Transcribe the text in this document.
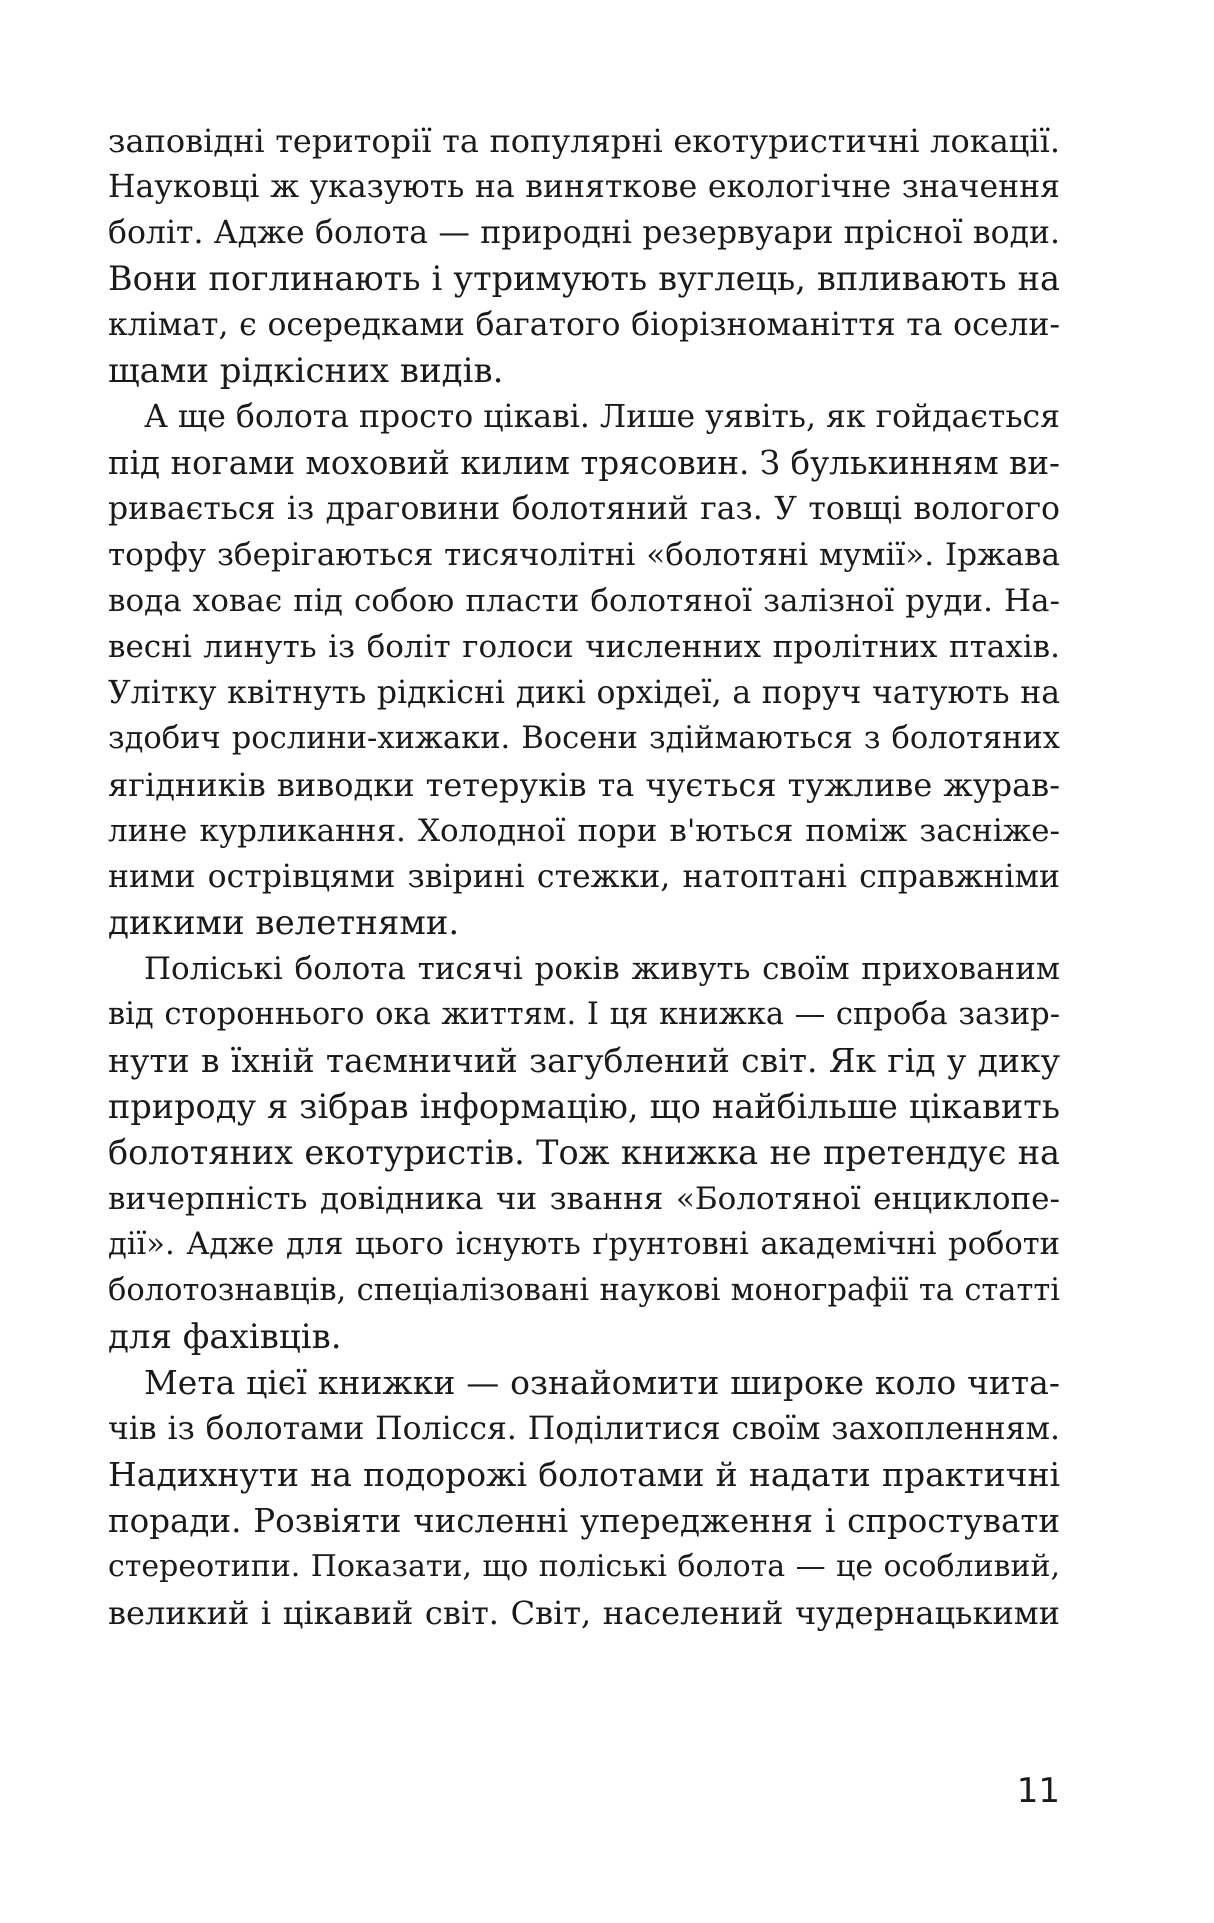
заповідні території та популярні екотуристичні локації.
Науковці ж указують на виняткове екологічне значення
боліт. Адже болота — природні резервуари прісної води.
Вони поглинають і утримують вуглець, впливають на
клімат, є осередками багатого біорізноманіття та осели-
щами рідкісних видів.
А ще болота просто цікаві. Лише уявіть, як гойдається
під ногами моховий килим трясовин. З булькинням ви-
ривається із драговини болотяний газ. У товщі вологого
торфу зберігаються тисячолітні «болотяні мумії». Іржава
вода ховає під собою пласти болотяної залізної руди. На-
весні линуть із боліт голоси численних пролітних птахів.
Улітку квітнуть рідкісні дикі орхідеї, а поруч чатують на
здобич рослини-хижаки. Восени здіймаються з болотяних
ягідників виводки тетеруків та чується тужливе журав-
лине курликання. Холодної пори в'ються поміж засніже-
ними острівцями звірині стежки, натоптані справжніми
дикими велетнями.
Поліські болота тисячі років живуть своїм прихованим
від стороннього ока життям. І ця книжка — спроба зазир-
нути в їхній таємничий загублений світ. Як гід у дику
природу я зібрав інформацію, що найбільше цікавить
болотяних екотуристів. Тож книжка не претендує на
вичерпність довідника чи звання «Болотяної енциклопе-
дії». Адже для цього існують ґрунтовні академічні роботи
болотознавців, спеціалізовані наукові монографії та статті
для фахівців.
Мета цієї книжки — ознайомити широке коло чита-
чів із болотами Полісся. Поділитися своїм захопленням.
Надихнути на подорожі болотами й надати практичні
поради. Розвіяти численні упередження і спростувати
стереотипи. Показати, що поліські болота — це особливий,
великий і цікавий світ. Світ, населений чудернацькими
11
